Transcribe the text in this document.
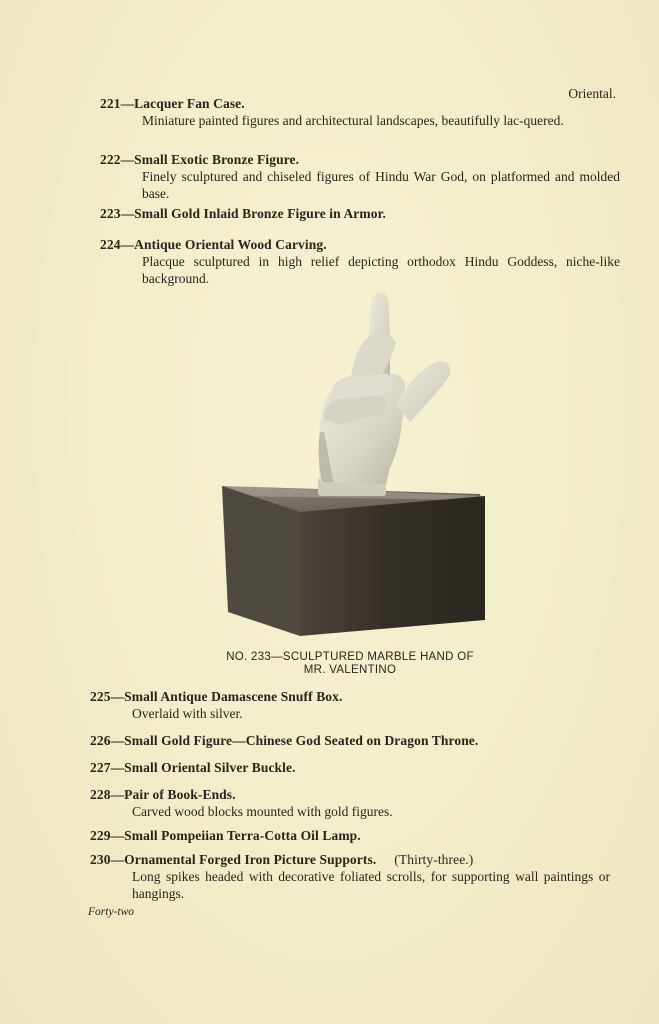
Oriental.
221—Lacquer Fan Case.
Miniature painted figures and architectural landscapes, beautifully lac-quered.
222—Small Exotic Bronze Figure.
Finely sculptured and chiseled figures of Hindu War God, on platformed and molded base.
223—Small Gold Inlaid Bronze Figure in Armor.
224—Antique Oriental Wood Carving.
Placque sculptured in high relief depicting orthodox Hindu Goddess, niche-like background.
NO. 233—SCULPTURED MARBLE HAND OF
MR. VALENTINO
225—Small Antique Damascene Snuff Box.
Overlaid with silver.
226—Small Gold Figure—Chinese God Seated on Dragon Throne.
227—Small Oriental Silver Buckle.
228—Pair of Book-Ends.
Carved wood blocks mounted with gold figures.
229—Small Pompeiian Terra-Cotta Oil Lamp.
230—Ornamental Forged Iron Picture Supports. (Thirty-three.)
Long spikes headed with decorative foliated scrolls, for supporting wall paintings or hangings.
Forty-two
